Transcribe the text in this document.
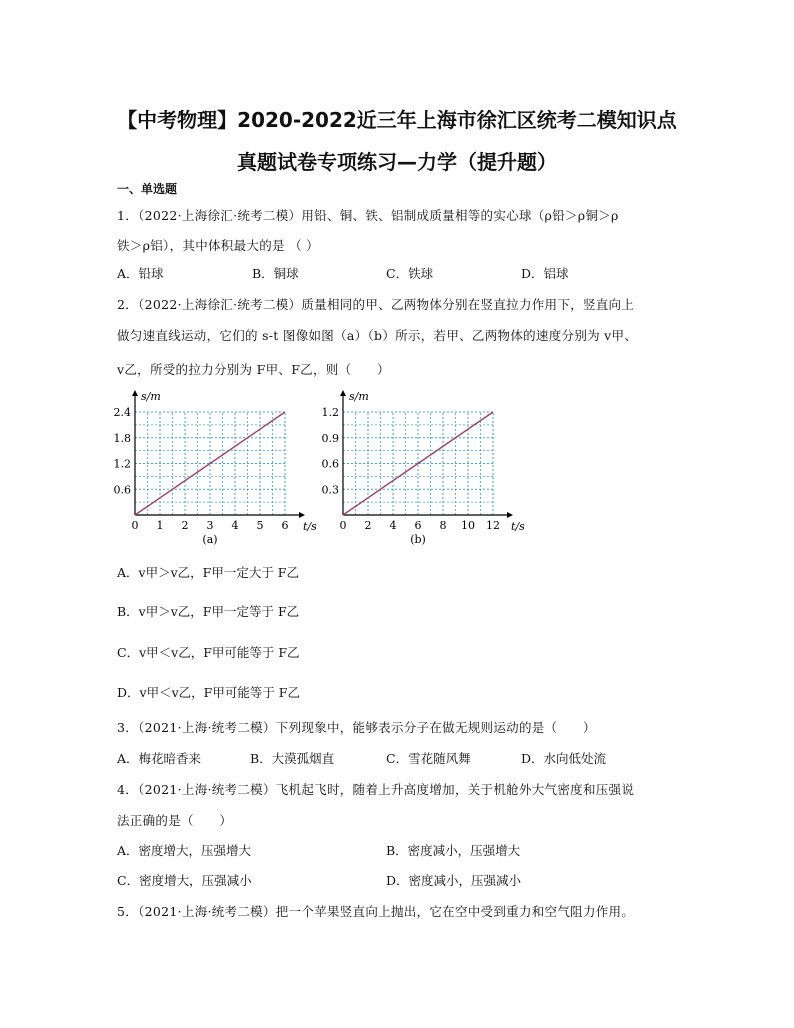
【中考物理】2020-2022近三年上海市徐汇区统考二模知识点
真题试卷专项练习—力学（提升题）
一、单选题
1．（2022·上海徐汇·统考二模）用铅、铜、铁、铝制成质量相等的实心球（ρ铅＞ρ铜＞ρ
铁＞ρ铝），其中体积最大的是 （ ）
A．铅球	B．铜球	C．铁球	D．铝球
2．（2022·上海徐汇·统考二模）质量相同的甲、乙两物体分别在竖直拉力作用下，竖直向上
做匀速直线运动，它们的 s-t 图像如图（a）（b）所示，若甲、乙两物体的速度分别为 v甲、
v乙，所受的拉力分别为 F甲、F乙，则（　　）
0 1 2 3 4 5 6
0.6
1.2
1.8
2.4
s/m
t/s
(a)
0 2 4 6 8 10 12
0.3
0.6
0.9
1.2
s/m
t/s
(b)
A．v甲＞v乙，F甲一定大于 F乙
B．v甲＞v乙，F甲一定等于 F乙
C．v甲＜v乙，F甲可能等于 F乙
D．v甲＜v乙，F甲可能等于 F乙
3．（2021·上海·统考二模）下列现象中，能够表示分子在做无规则运动的是（　　）
A．梅花暗香来	B．大漠孤烟直	C．雪花随风舞	D．水向低处流
4．（2021·上海·统考二模）飞机起飞时，随着上升高度增加，关于机舱外大气密度和压强说
法正确的是（　　）
A．密度增大，压强增大	B．密度减小，压强增大
C．密度增大，压强减小	D．密度减小，压强减小
5．（2021·上海·统考二模）把一个苹果竖直向上抛出，它在空中受到重力和空气阻力作用。
